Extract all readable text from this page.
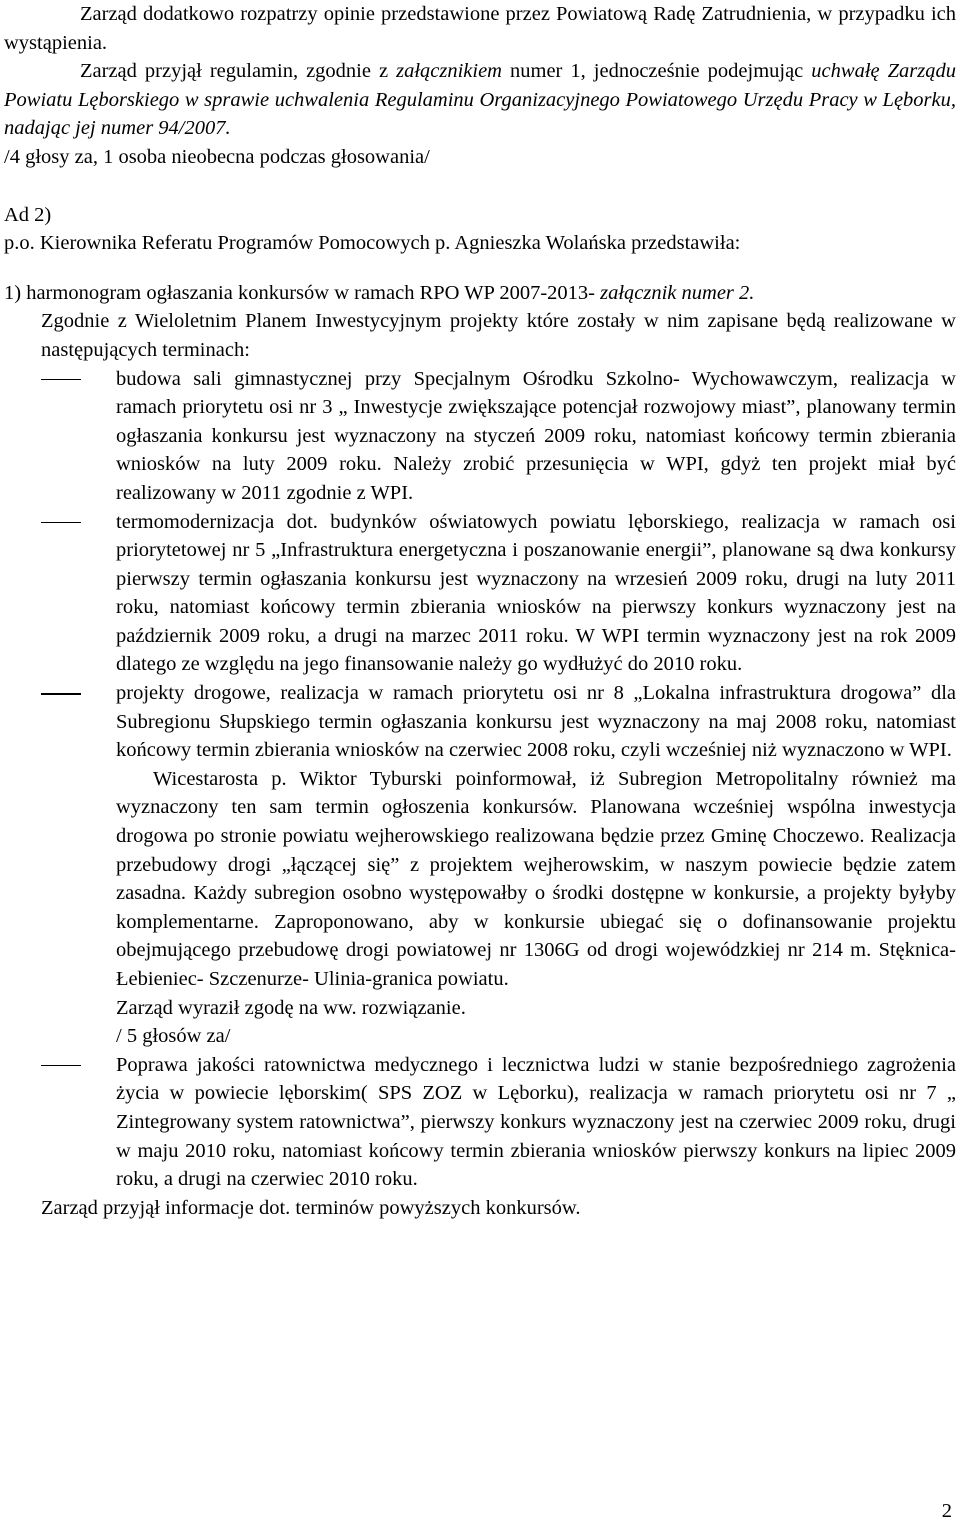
Zarząd dodatkowo rozpatrzy opinie przedstawione przez Powiatową Radę Zatrudnienia, w przypadku ich wystąpienia.

Zarząd przyjął regulamin, zgodnie z załącznikiem numer 1, jednocześnie podejmując uchwałę Zarządu Powiatu Lęborskiego w sprawie uchwalenia Regulaminu Organizacyjnego Powiatowego Urzędu Pracy w Lęborku, nadając jej numer 94/2007.

/4 głosy za, 1 osoba nieobecna podczas głosowania/

Ad 2)

p.o. Kierownika Referatu Programów Pomocowych p. Agnieszka Wolańska przedstawiła:

1) harmonogram ogłaszania konkursów w ramach RPO WP 2007-2013- załącznik numer 2.

Zgodnie z Wieloletnim Planem Inwestycyjnym projekty które zostały w nim zapisane będą realizowane w następujących terminach:

budowa sali gimnastycznej przy Specjalnym Ośrodku Szkolno- Wychowawczym, realizacja w ramach priorytetu osi nr 3 „ Inwestycje zwiększające potencjał rozwojowy miast”, planowany termin ogłaszania konkursu jest wyznaczony na styczeń 2009 roku, natomiast końcowy termin zbierania wniosków na luty 2009 roku. Należy zrobić przesunięcia w WPI, gdyż ten projekt miał być realizowany w 2011 zgodnie z WPI.
termomodernizacja dot. budynków oświatowych powiatu lęborskiego, realizacja w ramach osi priorytetowej nr 5 „Infrastruktura energetyczna i poszanowanie energii”, planowane są dwa konkursy pierwszy termin ogłaszania konkursu jest wyznaczony na wrzesień 2009 roku, drugi na luty 2011 roku, natomiast końcowy termin zbierania wniosków na pierwszy konkurs wyznaczony jest na październik 2009 roku, a drugi na marzec 2011 roku. W WPI termin wyznaczony jest na rok 2009 dlatego ze względu na jego finansowanie należy go wydłużyć do 2010 roku.
projekty drogowe, realizacja w ramach priorytetu osi nr 8 „Lokalna infrastruktura drogowa” dla Subregionu Słupskiego termin ogłaszania konkursu jest wyznaczony na maj 2008 roku, natomiast końcowy termin zbierania wniosków na czerwiec 2008 roku, czyli wcześniej niż wyznaczono w WPI.

Wicestarosta p. Wiktor Tyburski poinformował, iż Subregion Metropolitalny również ma wyznaczony ten sam termin ogłoszenia konkursów. Planowana wcześniej wspólna inwestycja drogowa po stronie powiatu wejherowskiego realizowana będzie przez Gminę Choczewo. Realizacja przebudowy drogi „łączącej się” z projektem wejherowskim, w naszym powiecie będzie zatem zasadna. Każdy subregion osobno występowałby o środki dostępne w konkursie, a projekty byłyby komplementarne. Zaproponowano, aby w konkursie ubiegać się o dofinansowanie projektu obejmującego przebudowę drogi powiatowej nr 1306G od drogi wojewódzkiej nr 214 m. Stęknica- Łebieniec- Szczenurze- Ulinia-granica powiatu.

Zarząd wyraził zgodę na ww. rozwiązanie.

/ 5 głosów za/

Poprawa jakości ratownictwa medycznego i lecznictwa ludzi w stanie bezpośredniego zagrożenia życia w powiecie lęborskim( SPS ZOZ w Lęborku), realizacja w ramach priorytetu osi nr 7 „ Zintegrowany system ratownictwa”, pierwszy konkurs wyznaczony jest na czerwiec 2009 roku, drugi w maju 2010 roku, natomiast końcowy termin zbierania wniosków pierwszy konkurs na lipiec 2009 roku, a drugi na czerwiec 2010 roku.

Zarząd przyjął informacje dot. terminów powyższych konkursów.

2
